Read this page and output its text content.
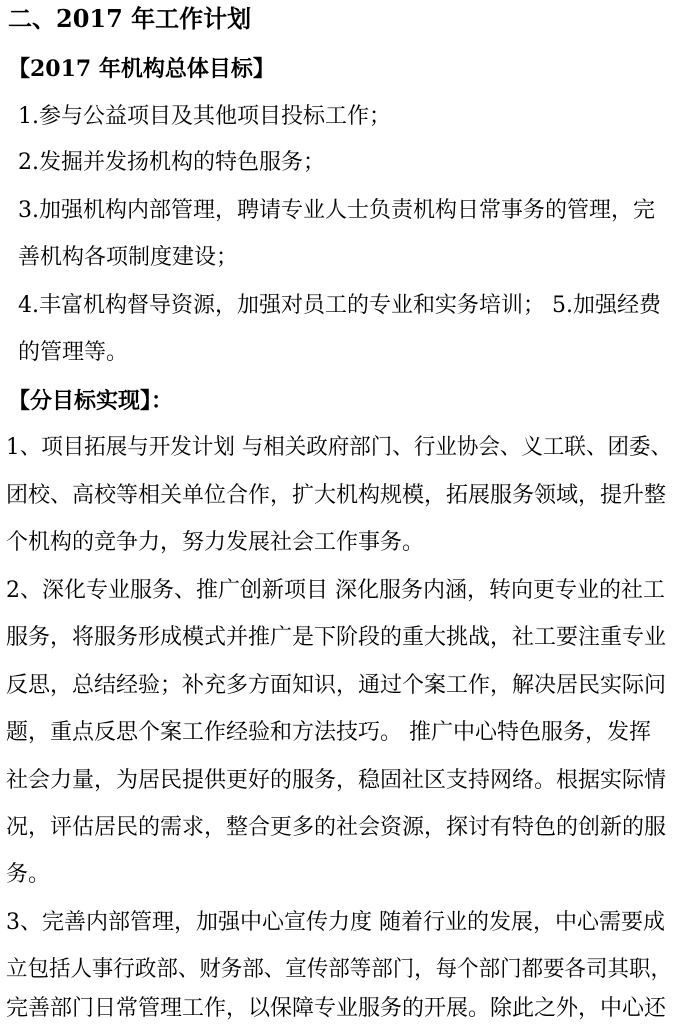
二、2017 年工作计划
【2017 年机构总体目标】
1.参与公益项目及其他项目投标工作；
2.发掘并发扬机构的特色服务；
3.加强机构内部管理，聘请专业人士负责机构日常事务的管理，完
善机构各项制度建设；
4.丰富机构督导资源，加强对员工的专业和实务培训； 5.加强经费
的管理等。
【分目标实现】：
1、项目拓展与开发计划 与相关政府部门、行业协会、义工联、团委、
团校、高校等相关单位合作，扩大机构规模，拓展服务领域，提升整
个机构的竞争力，努力发展社会工作事务。
2、深化专业服务、推广创新项目 深化服务内涵，转向更专业的社工
服务，将服务形成模式并推广是下阶段的重大挑战，社工要注重专业
反思，总结经验；补充多方面知识，通过个案工作，解决居民实际问
题，重点反思个案工作经验和方法技巧。 推广中心特色服务，发挥
社会力量，为居民提供更好的服务，稳固社区支持网络。根据实际情
况，评估居民的需求，整合更多的社会资源，探讨有特色的创新的服
务。
3、完善内部管理，加强中心宣传力度 随着行业的发展，中心需要成
立包括人事行政部、财务部、宣传部等部门，每个部门都要各司其职，
完善部门日常管理工作，以保障专业服务的开展。除此之外，中心还
